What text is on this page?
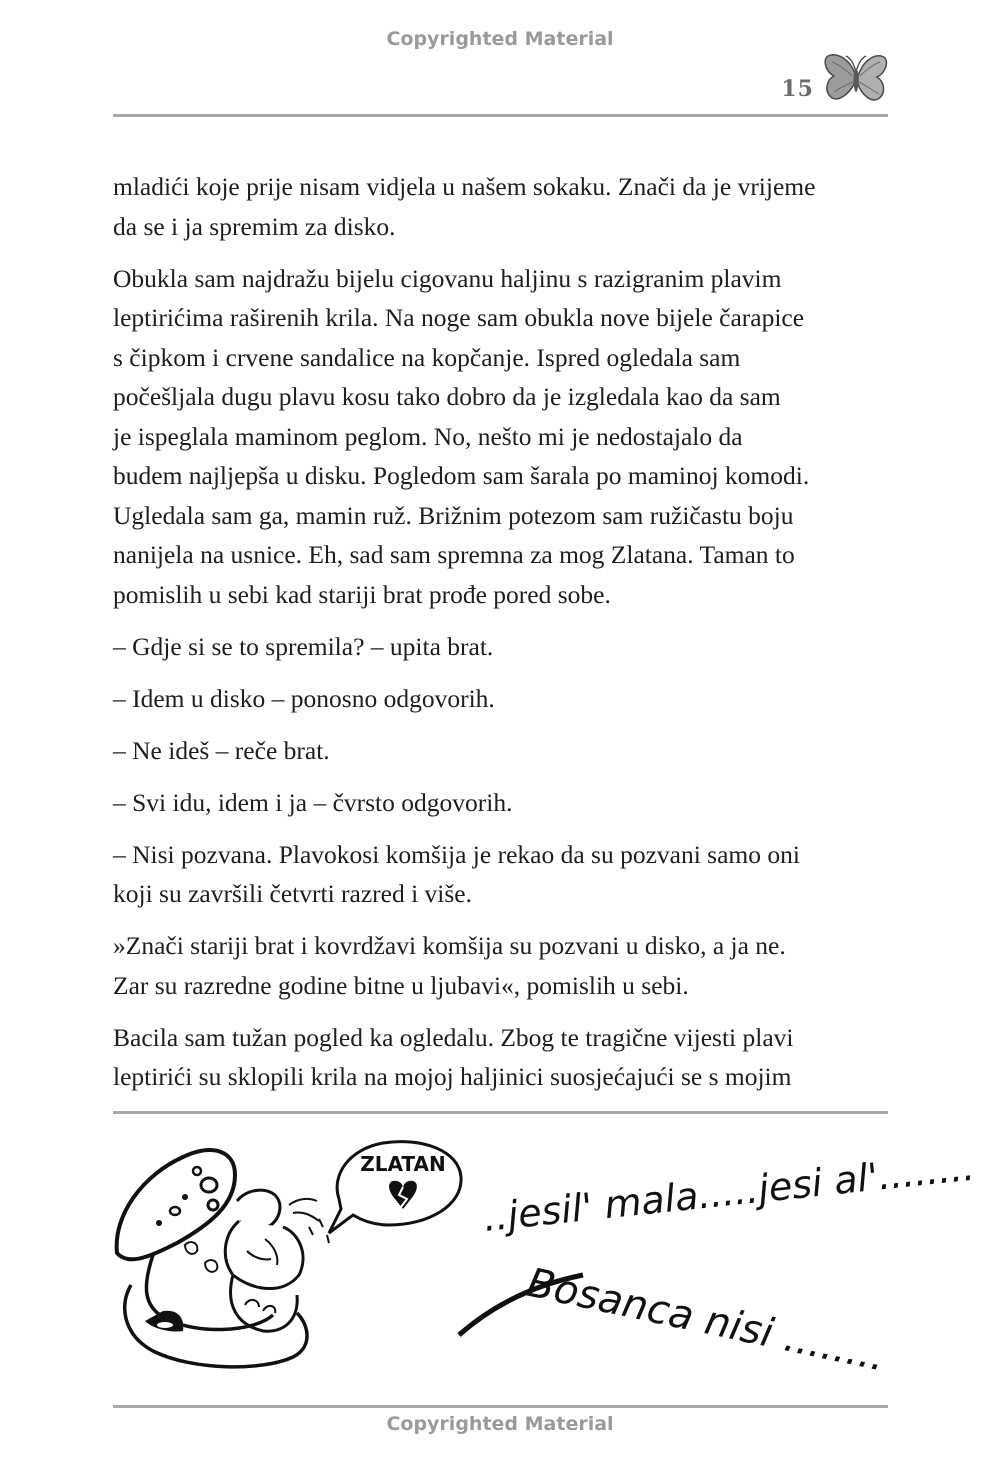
Copyrighted Material
15

mladići koje prije nisam vidjela u našem sokaku. Znači da je vrijeme
da se i ja spremim za disko.

Obukla sam najdražu bijelu cigovanu haljinu s razigranim plavim
leptirićima raširenih krila. Na noge sam obukla nove bijele čarapice
s čipkom i crvene sandalice na kopčanje. Ispred ogledala sam
počešljala dugu plavu kosu tako dobro da je izgledala kao da sam
je ispeglala maminom peglom. No, nešto mi je nedostajalo da
budem najljepša u disku. Pogledom sam šarala po maminoj komodi.
Ugledala sam ga, mamin ruž. Brižnim potezom sam ružičastu boju
nanijela na usnice. Eh, sad sam spremna za mog Zlatana. Taman to
pomislih u sebi kad stariji brat prođe pored sobe.

– Gdje si se to spremila? – upita brat.

– Idem u disko – ponosno odgovorih.

– Ne ideš – reče brat.

– Svi idu, idem i ja – čvrsto odgovorih.

– Nisi pozvana. Plavokosi komšija je rekao da su pozvani samo oni
koji su završili četvrti razred i više.

»Znači stariji brat i kovrdžavi komšija su pozvani u disko, a ja ne.
Zar su razredne godine bitne u ljubavi«, pomislih u sebi.

Bacila sam tužan pogled ka ogledalu. Zbog te tragične vijesti plavi
leptirići su sklopili krila na mojoj haljinici suosjećajući se s mojim

ZLATAN ..jesil' mala.....jesi al'........
Bosanca nisi ........
Copyrighted Material
